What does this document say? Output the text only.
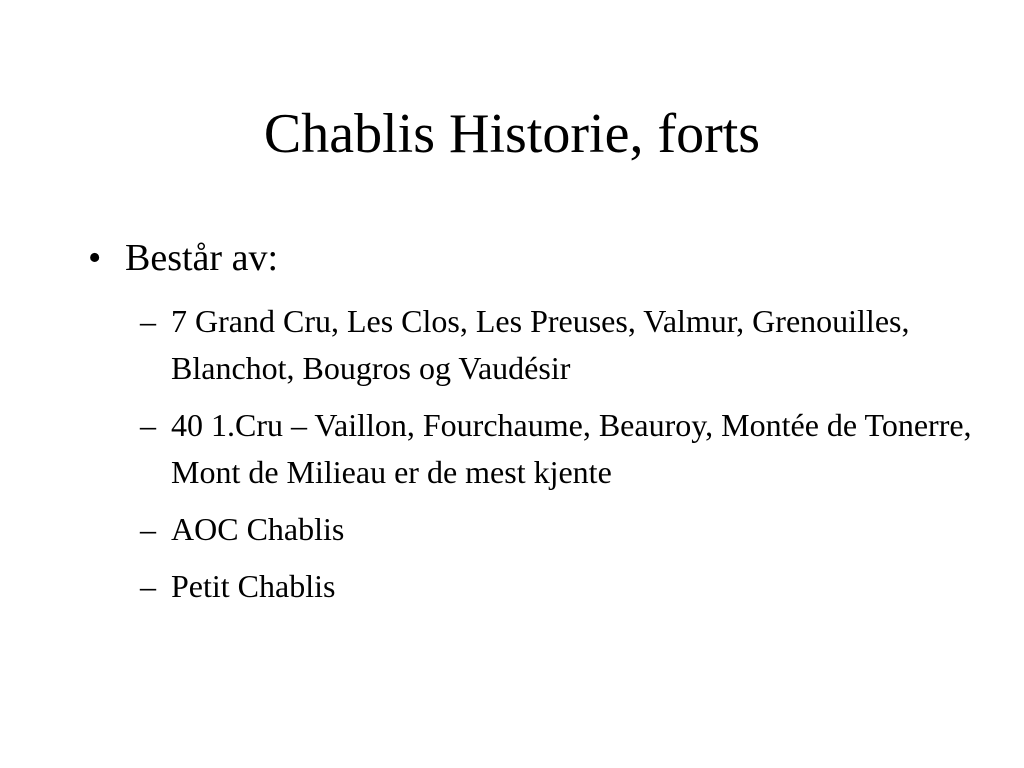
Chablis Historie, forts
• Består av:
– 7 Grand Cru, Les Clos, Les Preuses, Valmur, Grenouilles, Blanchot, Bougros og Vaudésir
– 40 1.Cru – Vaillon, Fourchaume, Beauroy, Montée de Tonerre, Mont de Milieau er de mest kjente
– AOC Chablis
– Petit Chablis
